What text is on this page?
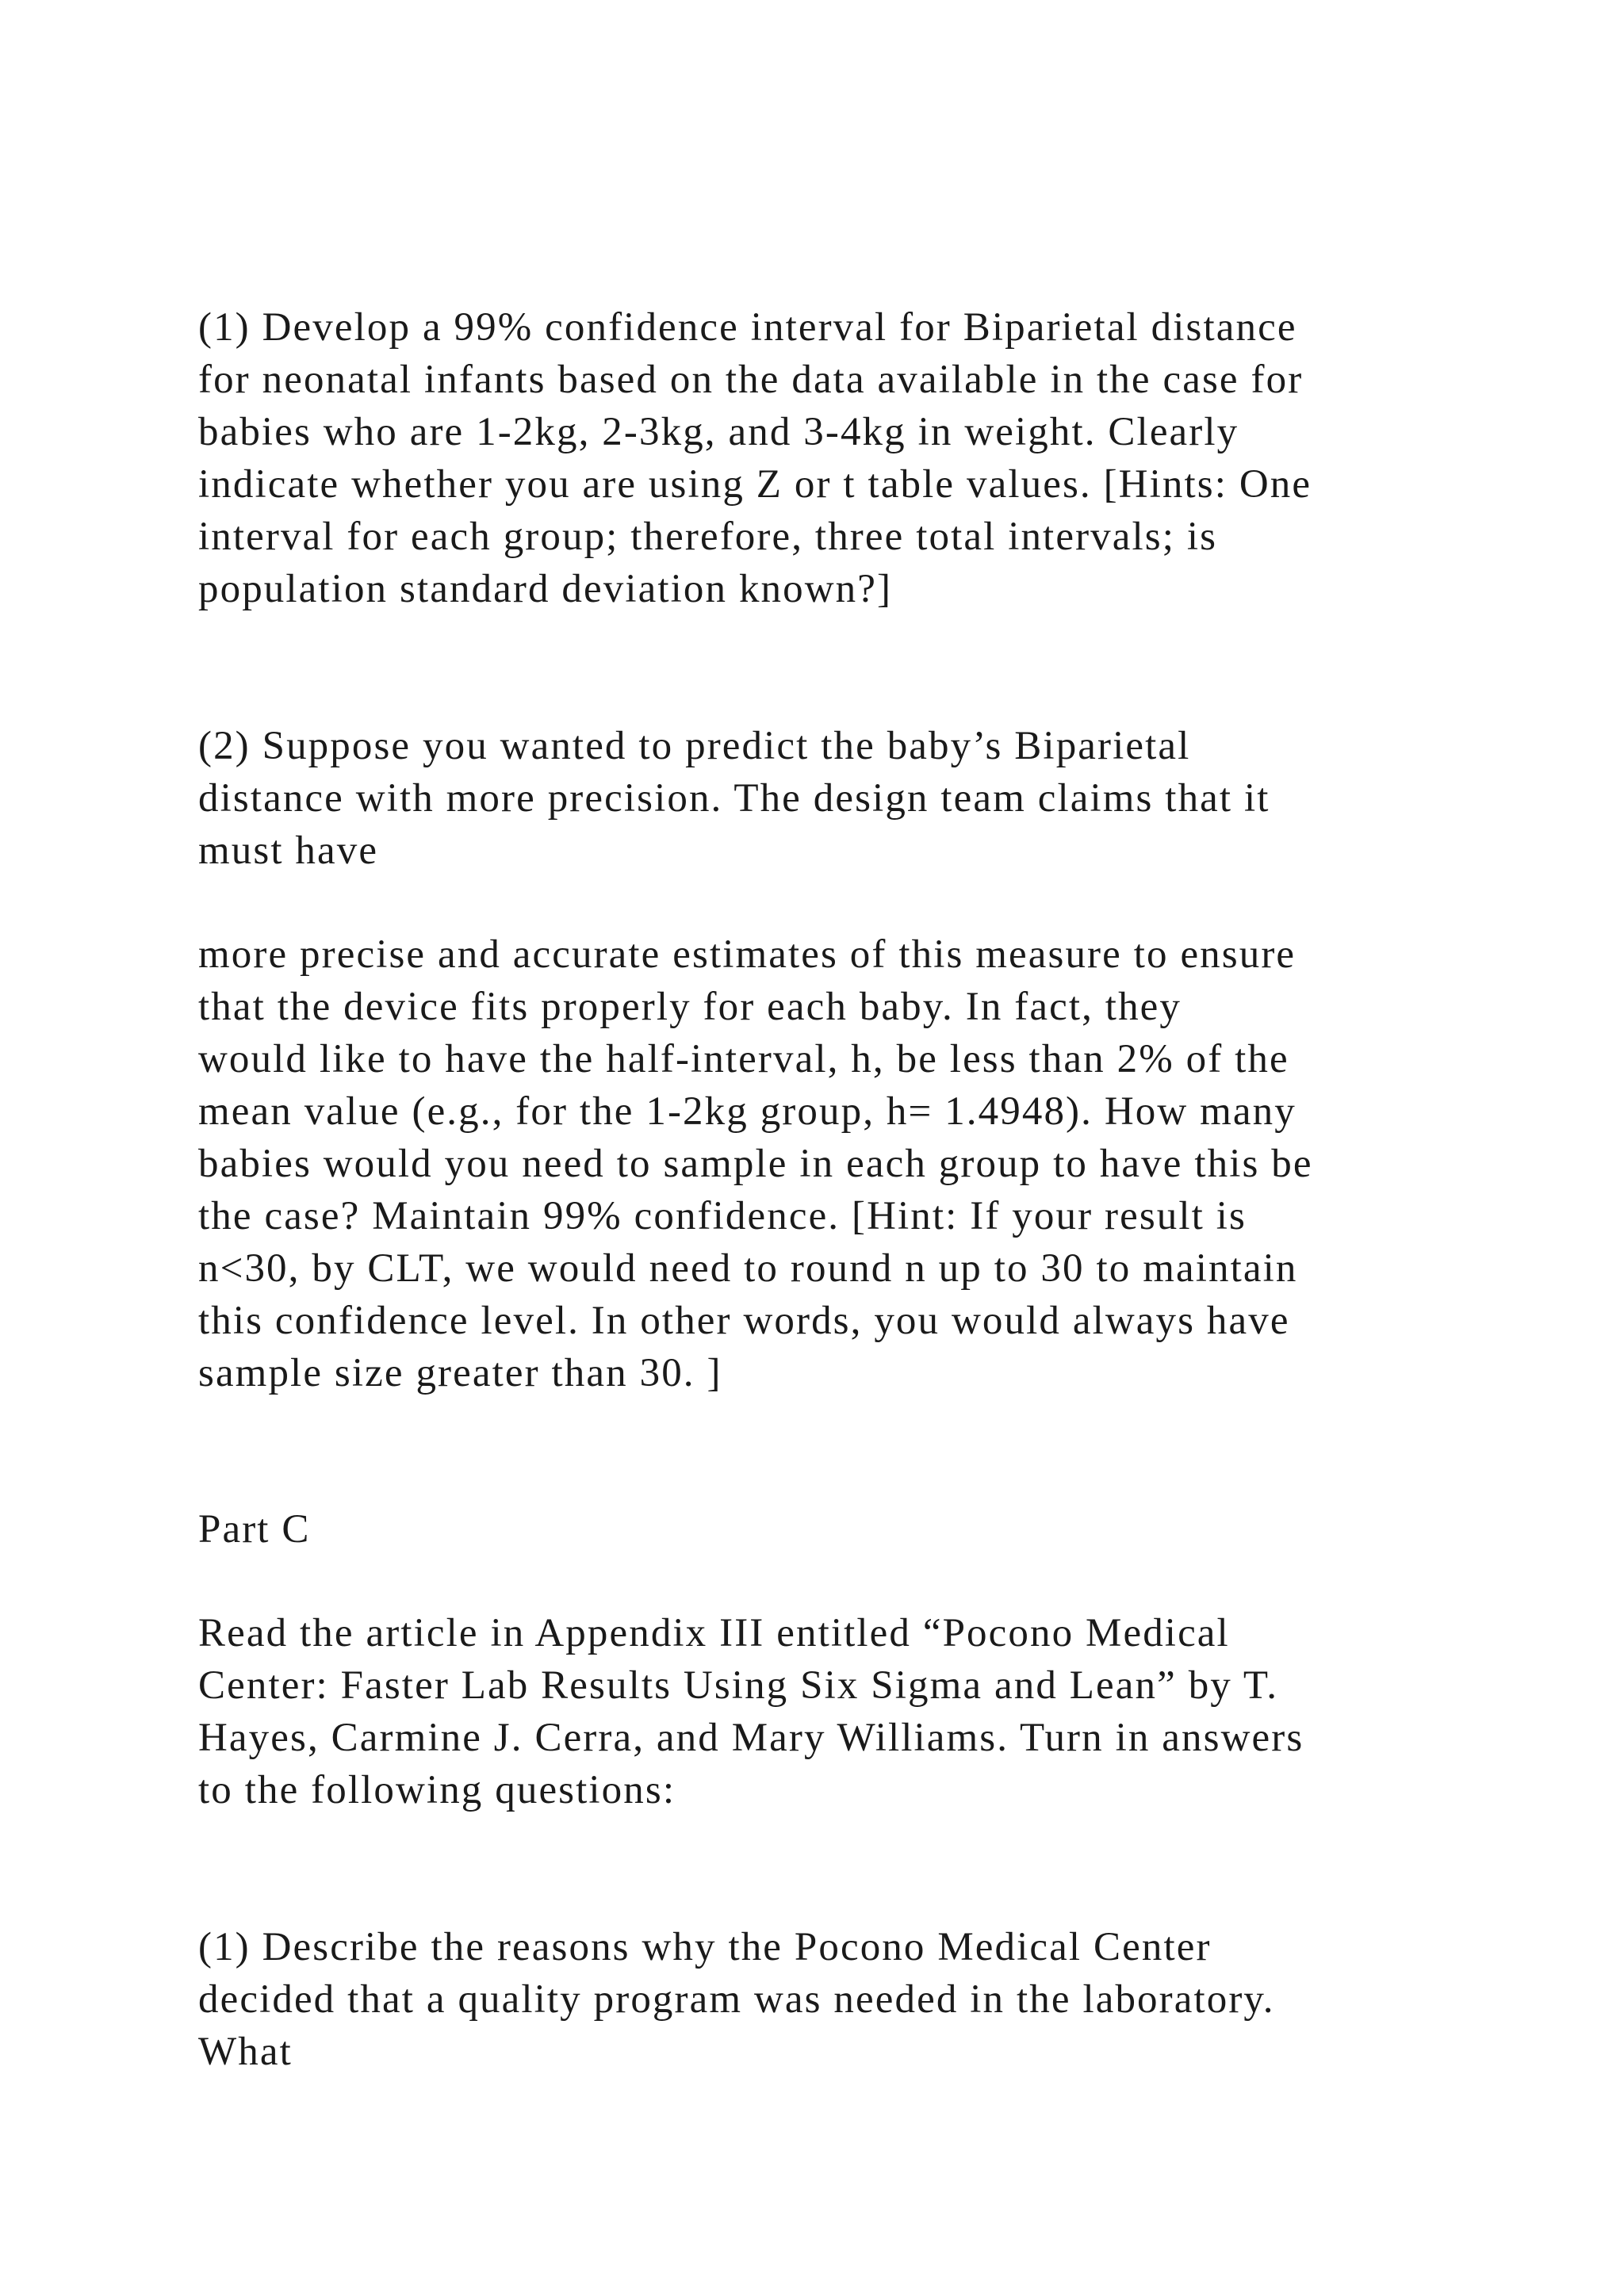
(1) Develop a 99% confidence interval for Biparietal distance

for neonatal infants based on the data available in the case for

babies who are 1-2kg, 2-3kg, and 3-4kg in weight. Clearly

indicate whether you are using Z or t table values. [Hints: One

interval for each group; therefore, three total intervals; is

population standard deviation known?]

(2) Suppose you wanted to predict the baby’s Biparietal

distance with more precision. The design team claims that it

must have

more precise and accurate estimates of this measure to ensure

that the device fits properly for each baby. In fact, they

would like to have the half-interval, h, be less than 2% of the

mean value (e.g., for the 1-2kg group, h= 1.4948). How many

babies would you need to sample in each group to have this be

the case? Maintain 99% confidence. [Hint: If your result is

n<30, by CLT, we would need to round n up to 30 to maintain

this confidence level. In other words, you would always have

sample size greater than 30. ]

Part C

Read the article in Appendix III entitled “Pocono Medical

Center: Faster Lab Results Using Six Sigma and Lean” by T.

Hayes, Carmine J. Cerra, and Mary Williams. Turn in answers

to the following questions:

(1) Describe the reasons why the Pocono Medical Center

decided that a quality program was needed in the laboratory.

What
